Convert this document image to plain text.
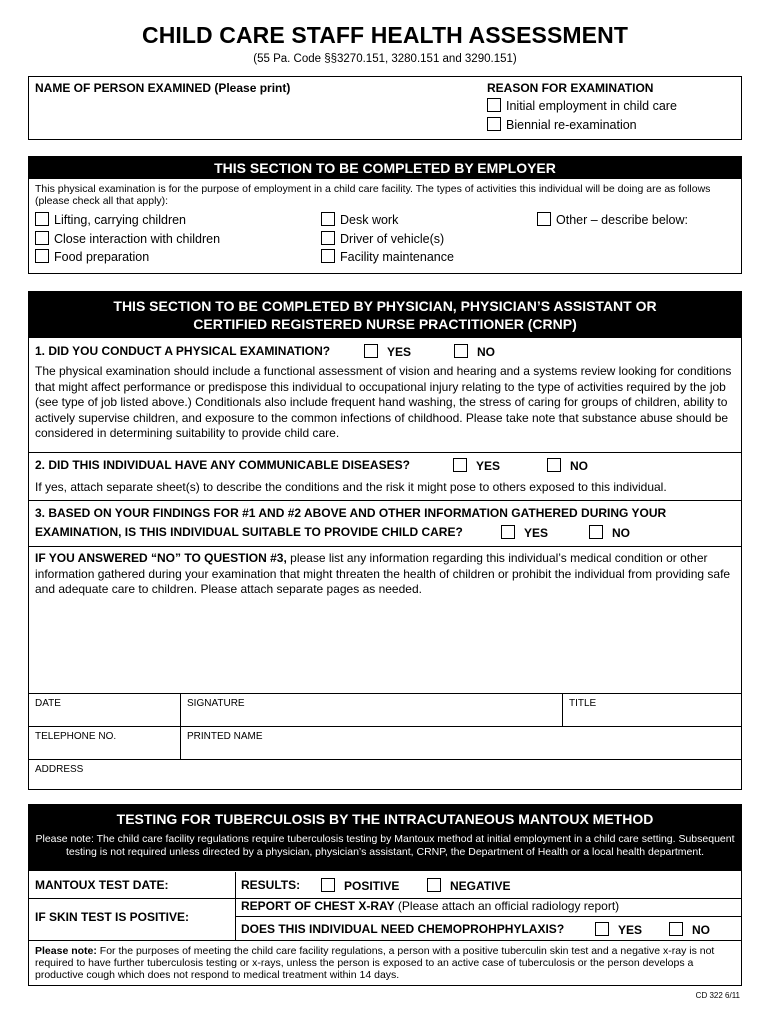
CHILD CARE STAFF HEALTH ASSESSMENT
(55 Pa. Code §§3270.151, 3280.151 and 3290.151)
NAME OF PERSON EXAMINED (Please print)	REASON FOR EXAMINATION
Initial employment in child care
Biennial re-examination
THIS SECTION TO BE COMPLETED BY EMPLOYER
This physical examination is for the purpose of employment in a child care facility. The types of activities this individual will be doing are as follows (please check all that apply):
Lifting, carrying children
Close interaction with children
Food preparation
Desk work
Driver of vehicle(s)
Facility maintenance
Other – describe below:
THIS SECTION TO BE COMPLETED BY PHYSICIAN, PHYSICIAN’S ASSISTANT OR
CERTIFIED REGISTERED NURSE PRACTITIONER (CRNP)
1. DID YOU CONDUCT A PHYSICAL EXAMINATION?	YES	NO
The physical examination should include a functional assessment of vision and hearing and a systems review looking for conditions that might affect performance or predispose this individual to occupational injury relating to the type of activities required by the job (see type of job listed above.) Conditionals also include frequent hand washing, the stress of caring for groups of children, ability to actively supervise children, and exposure to the common infections of childhood. Please take note that substance abuse should be considered in determining suitability to provide child care.
2. DID THIS INDIVIDUAL HAVE ANY COMMUNICABLE DISEASES?	YES	NO
If yes, attach separate sheet(s) to describe the conditions and the risk it might pose to others exposed to this individual.
3. BASED ON YOUR FINDINGS FOR #1 AND #2 ABOVE AND OTHER INFORMATION GATHERED DURING YOUR
EXAMINATION, IS THIS INDIVIDUAL SUITABLE TO PROVIDE CHILD CARE?	YES	NO
IF YOU ANSWERED “NO” TO QUESTION #3, please list any information regarding this individual’s medical condition or other information gathered during your examination that might threaten the health of children or prohibit the individual from providing safe and adequate care to children. Please attach separate pages as needed.
DATE	SIGNATURE	TITLE
TELEPHONE NO.	PRINTED NAME
ADDRESS
TESTING FOR TUBERCULOSIS BY THE INTRACUTANEOUS MANTOUX METHOD
Please note: The child care facility regulations require tuberculosis testing by Mantoux method at initial employment in a child care setting. Subsequent testing is not required unless directed by a physician, physician’s assistant, CRNP, the Department of Health or a local health department.
MANTOUX TEST DATE:	RESULTS:	POSITIVE	NEGATIVE
IF SKIN TEST IS POSITIVE:
REPORT OF CHEST X-RAY (Please attach an official radiology report)
DOES THIS INDIVIDUAL NEED CHEMOPROHPHYLAXIS?	YES	NO
Please note: For the purposes of meeting the child care facility regulations, a person with a positive tuberculin skin test and a negative x-ray is not required to have further tuberculosis testing or x-rays, unless the person is exposed to an active case of tuberculosis or the person develops a productive cough which does not respond to medical treatment within 14 days.
CD 322 6/11
